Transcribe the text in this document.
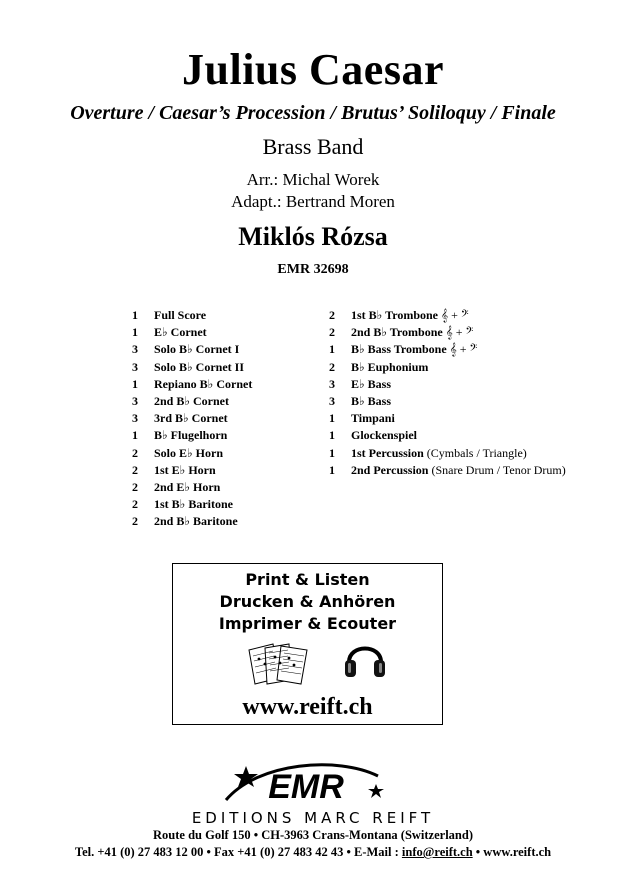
Julius Caesar
Overture / Caesar’s Procession / Brutus’ Soliloquy / Finale
Brass Band
Arr.: Michal Worek
Adapt.: Bertrand Moren
Miklós Rózsa
EMR 32698
1 Full Score
1 E♭ Cornet
3 Solo B♭ Cornet I
3 Solo B♭ Cornet II
1 Repiano B♭ Cornet
3 2nd B♭ Cornet
3 3rd B♭ Cornet
1 B♭ Flugelhorn
2 Solo E♭ Horn
2 1st E♭ Horn
2 2nd E♭ Horn
2 1st B♭ Baritone
2 2nd B♭ Baritone
2 1st B♭ Trombone 𝄞 + 𝄢
2 2nd B♭ Trombone 𝄞 + 𝄢
1 B♭ Bass Trombone 𝄞 + 𝄢
2 B♭ Euphonium
3 E♭ Bass
3 B♭ Bass
1 Timpani
1 Glockenspiel
1 1st Percussion (Cymbals / Triangle)
1 2nd Percussion (Snare Drum / Tenor Drum)
Print & Listen
Drucken & Anhören
Imprimer & Ecouter
www.reift.ch
EMR
EDITIONS MARC REIFT
Route du Golf 150 • CH-3963 Crans-Montana (Switzerland)
Tel. +41 (0) 27 483 12 00 • Fax +41 (0) 27 483 42 43 • E-Mail : info@reift.ch • www.reift.ch
